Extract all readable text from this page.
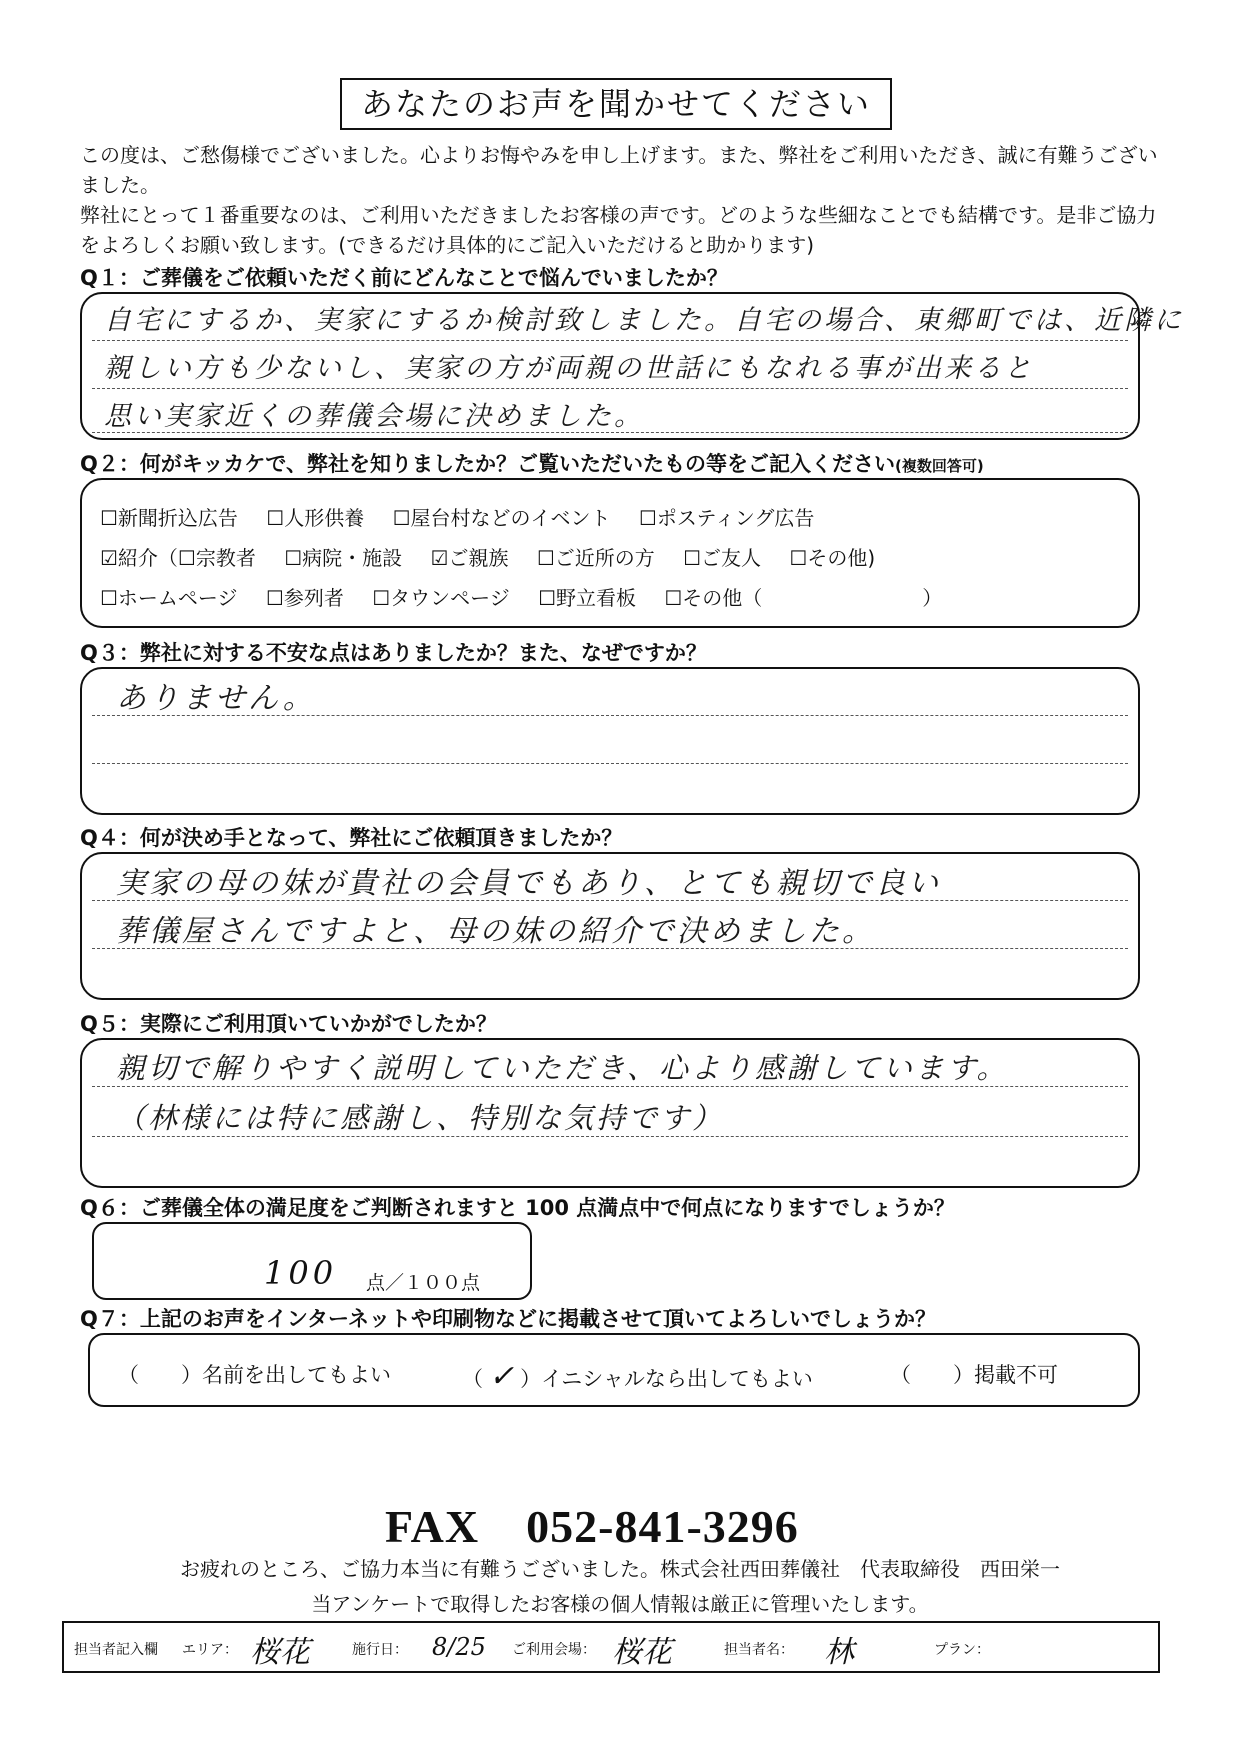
あなたのお声を聞かせてください
この度は、ご愁傷様でございました。心よりお悔やみを申し上げます。また、弊社をご利用いただき、誠に有難うございました。
弊社にとって１番重要なのは、ご利用いただきましたお客様の声です。どのような些細なことでも結構です。是非ご協力をよろしくお願い致します。(できるだけ具体的にご記入いただけると助かります)
Q１：ご葬儀をご依頼いただく前にどんなことで悩んでいましたか？
自宅にするか、実家にするか検討致しました。自宅の場合、東郷町では、近隣に
親しい方も少ないし、実家の方が両親の世話にもなれる事が出来ると
思い実家近くの葬儀会場に決めました。
Q２：何がキッカケで、弊社を知りましたか？ご覧いただいたもの等をご記入ください(複数回答可)
☐新聞折込広告 ☐人形供養 ☐屋台村などのイベント ☐ポスティング広告
☑紹介（☐宗教者 ☐病院・施設 ☑ご親族 ☐ご近所の方 ☐ご友人 ☐その他)
☐ホームページ ☐参列者 ☐タウンページ ☐野立看板 ☐その他（　　　　　　　　）
Q３：弊社に対する不安な点はありましたか？また、なぜですか？
ありません。
Q４：何が決め手となって、弊社にご依頼頂きましたか？
実家の母の妹が貴社の会員でもあり、とても親切で良い
葬儀屋さんですよと、母の妹の紹介で決めました。
Q５：実際にご利用頂いていかがでしたか？
親切で解りやすく説明していただき、心より感謝しています。
（林様には特に感謝し、特別な気持です）
Q６：ご葬儀全体の満足度をご判断されますと 100 点満点中で何点になりますでしょうか？
100 点／１００点
Q７：上記のお声をインターネットや印刷物などに掲載させて頂いてよろしいでしょうか？
（　　）名前を出してもよい	（ ✓ ）イニシャルなら出してもよい	（　　）掲載不可
FAX　052-841-3296
お疲れのところ、ご協力本当に有難うございました。株式会社西田葬儀社　代表取締役　西田栄一
当アンケートで取得したお客様の個人情報は厳正に管理いたします。
担当者記入欄 エリア： 桜花	施行日： 8/25 ご利用会場： 桜花	担当者名： 林	プラン：
